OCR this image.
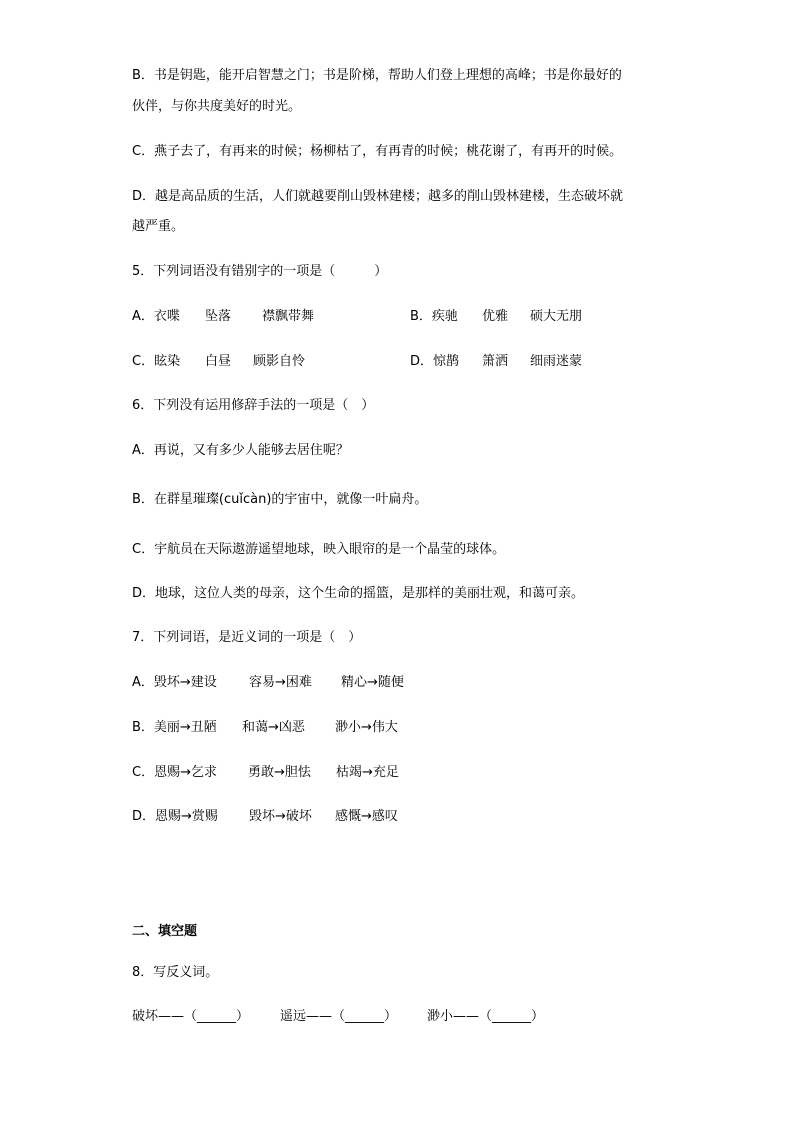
B．书是钥匙，能开启智慧之门；书是阶梯，帮助人们登上理想的高峰；书是你最好的
伙伴，与你共度美好的时光。
C．燕子去了，有再来的时候；杨柳枯了，有再青的时候；桃花谢了，有再开的时候。
D．越是高品质的生活，人们就越要削山毁林建楼；越多的削山毁林建楼，生态破坏就
越严重。
5．下列词语没有错别字的一项是（　　　）
A．衣喋 坠落 襟飘带舞	B．疾驰 优雅 硕大无朋
C．眩染 白昼 顾影自怜	D．惊鹊 箫洒 细雨迷蒙
6．下列没有运用修辞手法的一项是（　）
A．再说，又有多少人能够去居住呢？
B．在群星璀璨(cuǐcàn)的宇宙中，就像一叶扁舟。
C．宇航员在天际遨游遥望地球，映入眼帘的是一个晶莹的球体。
D．地球，这位人类的母亲，这个生命的摇篮，是那样的美丽壮观，和蔼可亲。
7．下列词语，是近义词的一项是（　）
A．毁坏→建设 容易→困难 精心→随便
B．美丽→丑陋 和蔼→凶恶 渺小→伟大
C．恩赐→乞求 勇敢→胆怯 枯竭→充足
D．恩赐→赏赐 毁坏→破坏 感慨→感叹
二、填空题
8．写反义词。
破坏——（______） 遥远——（______） 渺小——（______）
